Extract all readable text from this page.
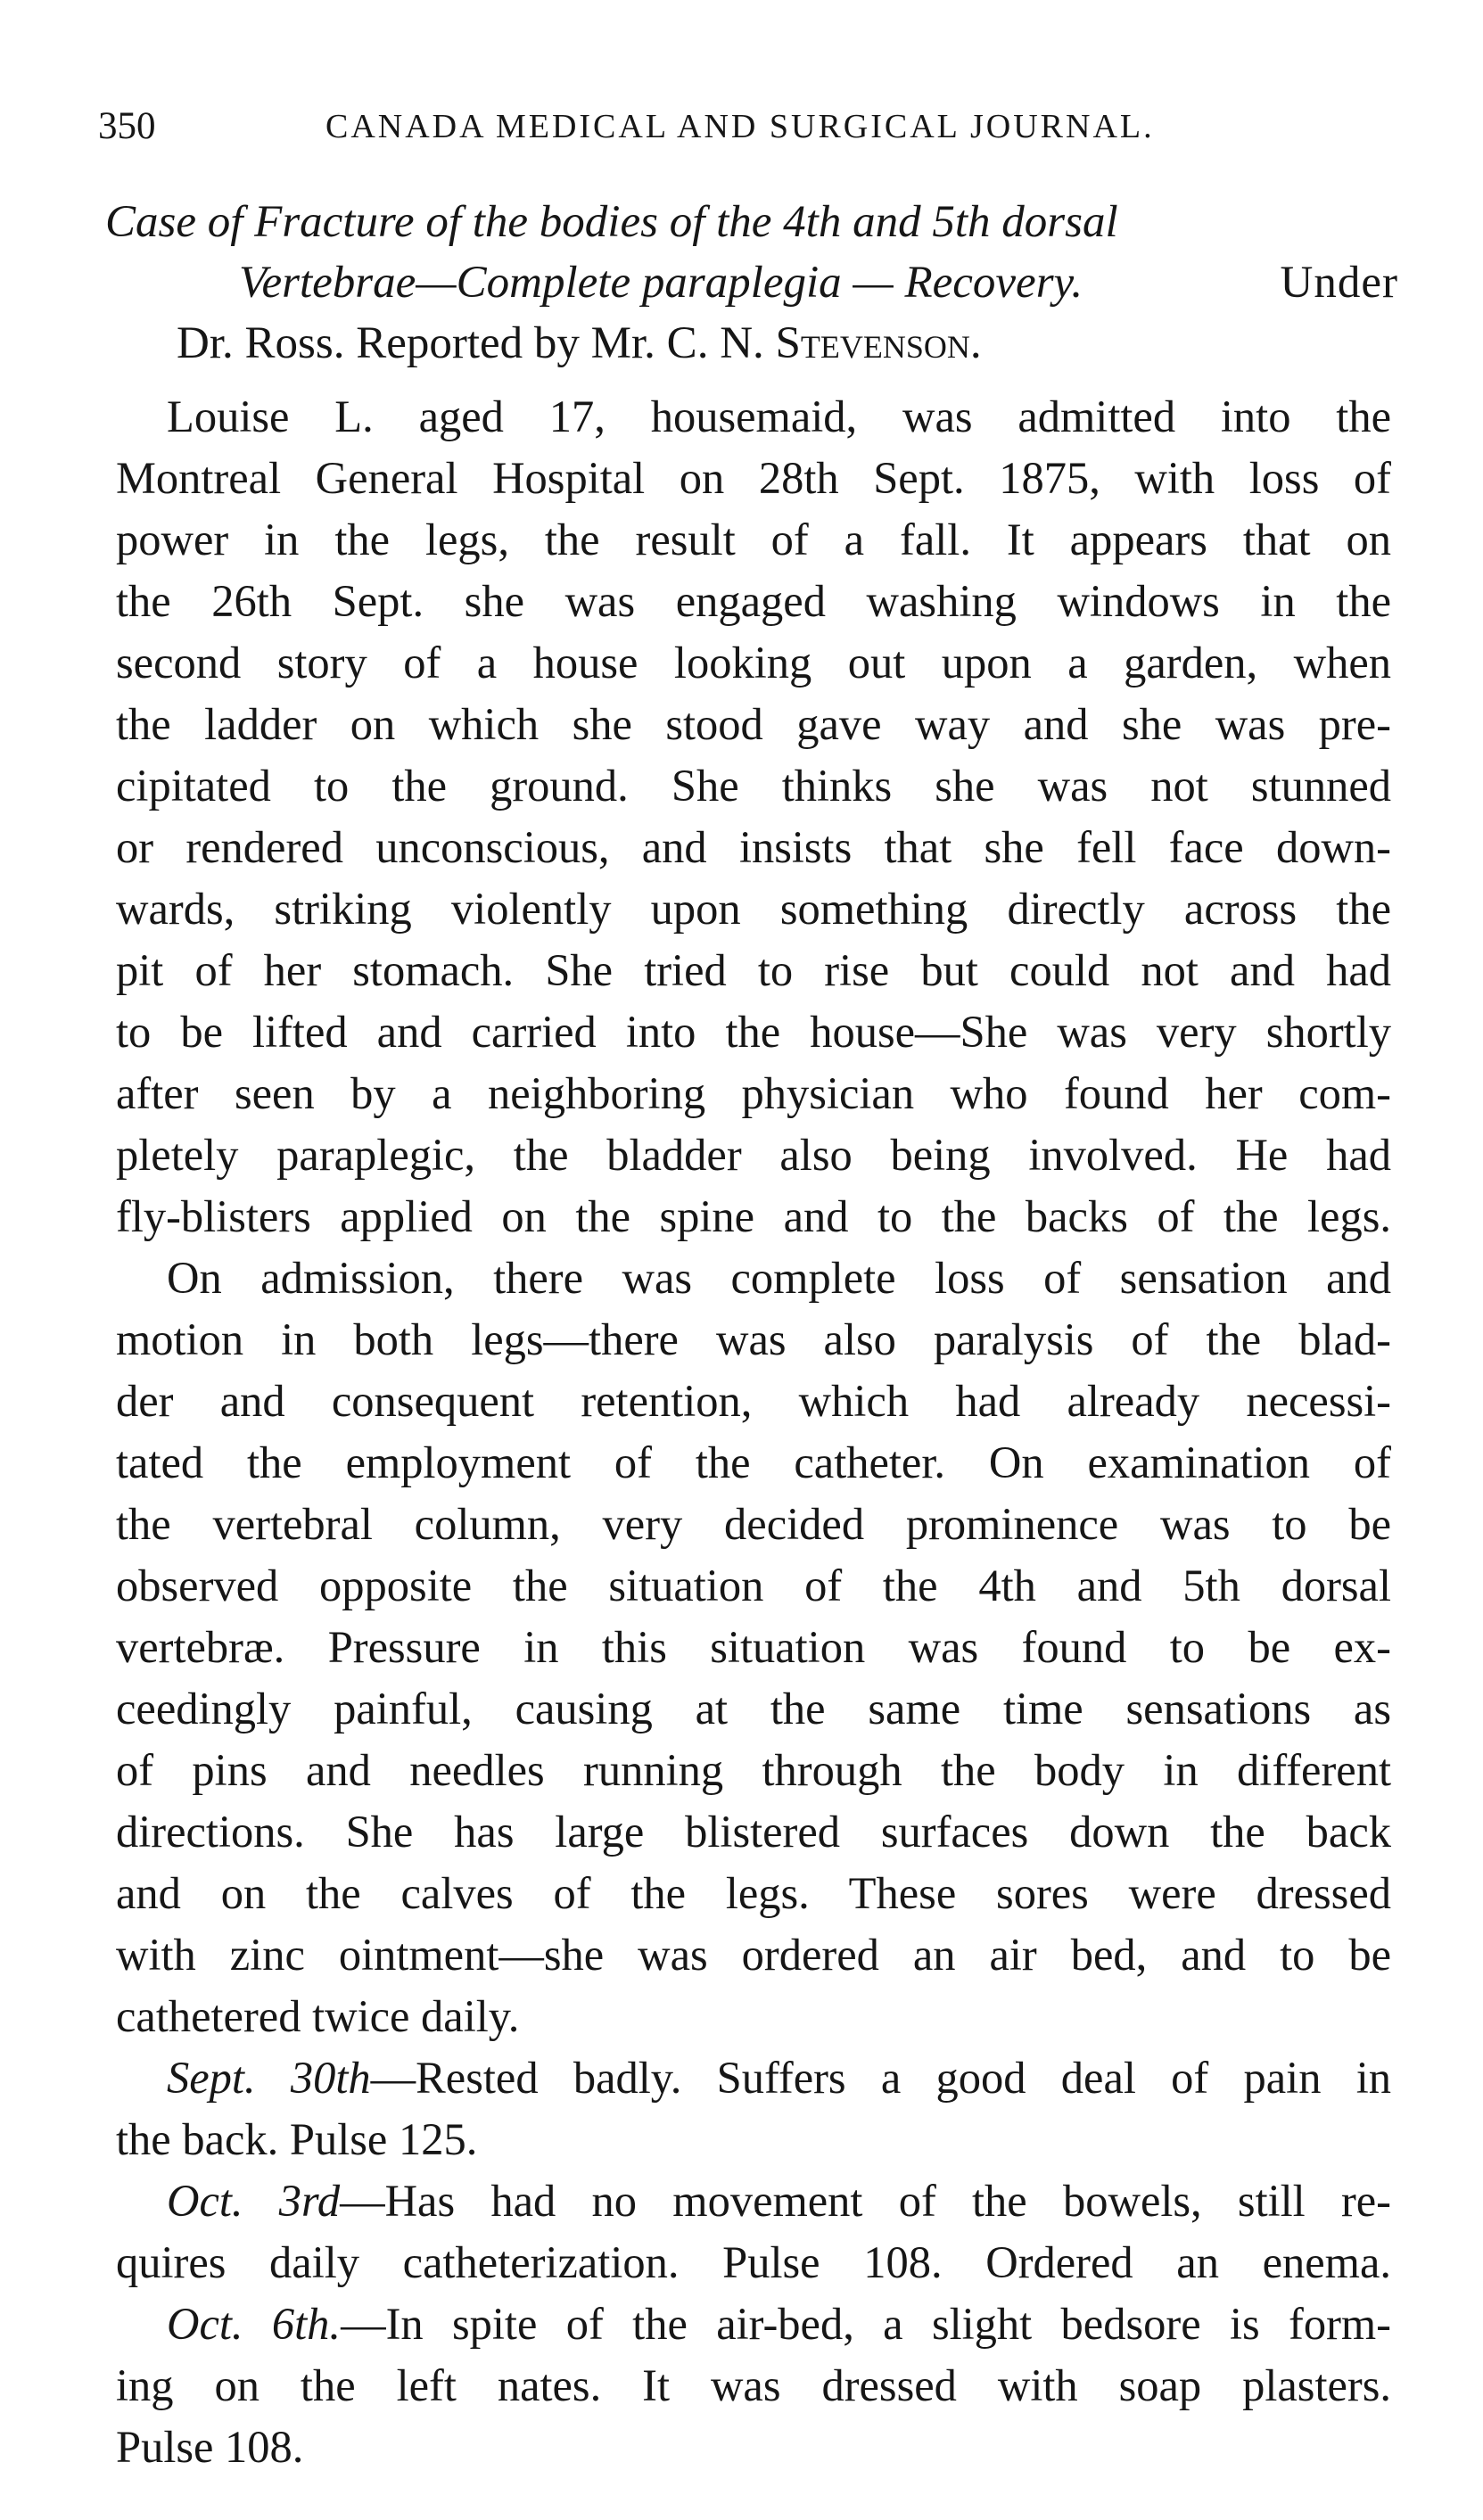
350	CANADA MEDICAL AND SURGICAL JOURNAL.
Case of Fracture of the bodies of the 4th and 5th dorsal
Vertebrae—Complete paraplegia — Recovery.	Under
Dr. Ross. Reported by Mr. C. N. Stevenson.
Louise L. aged 17, housemaid, was admitted into the
Montreal General Hospital on 28th Sept. 1875, with loss of
power in the legs, the result of a fall. It appears that on
the 26th Sept. she was engaged washing windows in the
second story of a house looking out upon a garden, when
the ladder on which she stood gave way and she was pre-
cipitated to the ground. She thinks she was not stunned
or rendered unconscious, and insists that she fell face down-
wards, striking violently upon something directly across the
pit of her stomach. She tried to rise but could not and had
to be lifted and carried into the house—She was very shortly
after seen by a neighboring physician who found her com-
pletely paraplegic, the bladder also being involved. He had
fly-blisters applied on the spine and to the backs of the legs.
On admission, there was complete loss of sensation and
motion in both legs—there was also paralysis of the blad-
der and consequent retention, which had already necessi-
tated the employment of the catheter. On examination of
the vertebral column, very decided prominence was to be
observed opposite the situation of the 4th and 5th dorsal
vertebræ. Pressure in this situation was found to be ex-
ceedingly painful, causing at the same time sensations as
of pins and needles running through the body in different
directions. She has large blistered surfaces down the back
and on the calves of the legs. These sores were dressed
with zinc ointment—she was ordered an air bed, and to be
cathetered twice daily.
Sept. 30th—Rested badly. Suffers a good deal of pain in
the back. Pulse 125.
Oct. 3rd—Has had no movement of the bowels, still re-
quires daily catheterization. Pulse 108. Ordered an enema.
Oct. 6th.—In spite of the air-bed, a slight bedsore is form-
ing on the left nates. It was dressed with soap plasters.
Pulse 108.
